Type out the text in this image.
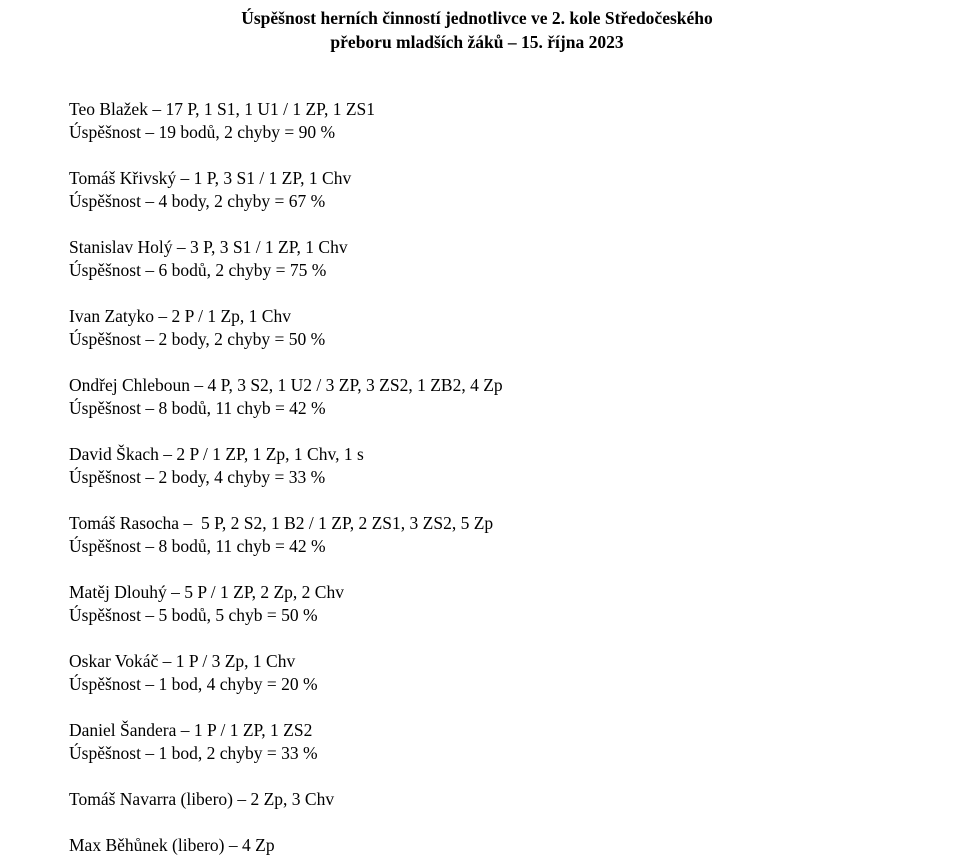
Úspěšnost herních činností jednotlivce ve 2. kole Středočeského
přeboru mladších žáků – 15. října 2023

Teo Blažek – 17 P, 1 S1, 1 U1 / 1 ZP, 1 ZS1

Úspěšnost – 19 bodů, 2 chyby = 90 %

Tomáš Křivský – 1 P, 3 S1 / 1 ZP, 1 Chv

Úspěšnost – 4 body, 2 chyby = 67 %

Stanislav Holý – 3 P, 3 S1 / 1 ZP, 1 Chv

Úspěšnost – 6 bodů, 2 chyby = 75 %

Ivan Zatyko – 2 P / 1 Zp, 1 Chv

Úspěšnost – 2 body, 2 chyby = 50 %

Ondřej Chleboun – 4 P, 3 S2, 1 U2 / 3 ZP, 3 ZS2, 1 ZB2, 4 Zp

Úspěšnost – 8 bodů, 11 chyb = 42 %

David Škach – 2 P / 1 ZP, 1 Zp, 1 Chv, 1 s

Úspěšnost – 2 body, 4 chyby = 33 %

Tomáš Rasocha –  5 P, 2 S2, 1 B2 / 1 ZP, 2 ZS1, 3 ZS2, 5 Zp

Úspěšnost – 8 bodů, 11 chyb = 42 %

Matěj Dlouhý – 5 P / 1 ZP, 2 Zp, 2 Chv

Úspěšnost – 5 bodů, 5 chyb = 50 %

Oskar Vokáč – 1 P / 3 Zp, 1 Chv

Úspěšnost – 1 bod, 4 chyby = 20 %

Daniel Šandera – 1 P / 1 ZP, 1 ZS2

Úspěšnost – 1 bod, 2 chyby = 33 %

Tomáš Navarra (libero) – 2 Zp, 3 Chv

Max Běhůnek (libero) – 4 Zp
